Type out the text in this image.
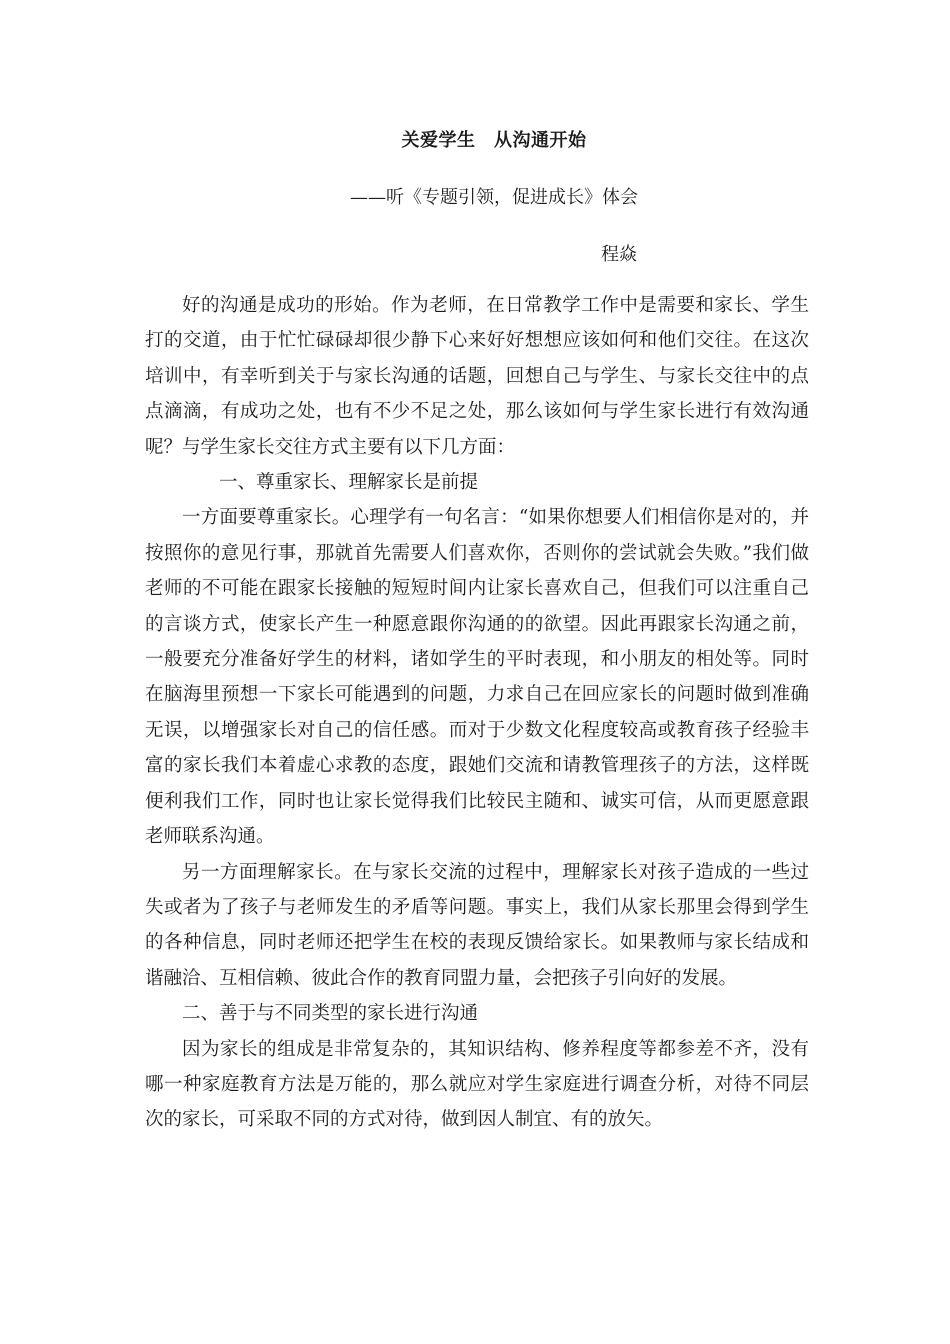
关爱学生　从沟通开始
——听《专题引领，促进成长》体会
程焱

好的沟通是成功的形始。作为老师，在日常教学工作中是需要和家长、学生打的交道，由于忙忙碌碌却很少静下心来好好想想应该如何和他们交往。在这次培训中，有幸听到关于与家长沟通的话题，回想自己与学生、与家长交往中的点点滴滴，有成功之处，也有不少不足之处，那么该如何与学生家长进行有效沟通呢？与学生家长交往方式主要有以下几方面：

一、尊重家长、理解家长是前提

一方面要尊重家长。心理学有一句名言：“如果你想要人们相信你是对的，并按照你的意见行事，那就首先需要人们喜欢你，否则你的尝试就会失败。”我们做老师的不可能在跟家长接触的短短时间内让家长喜欢自己，但我们可以注重自己的言谈方式，使家长产生一种愿意跟你沟通的的欲望。因此再跟家长沟通之前，一般要充分准备好学生的材料，诸如学生的平时表现，和小朋友的相处等。同时在脑海里预想一下家长可能遇到的问题，力求自己在回应家长的问题时做到准确无误，以增强家长对自己的信任感。而对于少数文化程度较高或教育孩子经验丰富的家长我们本着虚心求教的态度，跟她们交流和请教管理孩子的方法，这样既便利我们工作，同时也让家长觉得我们比较民主随和、诚实可信，从而更愿意跟老师联系沟通。

另一方面理解家长。在与家长交流的过程中，理解家长对孩子造成的一些过失或者为了孩子与老师发生的矛盾等问题。事实上，我们从家长那里会得到学生的各种信息，同时老师还把学生在校的表现反馈给家长。如果教师与家长结成和谐融洽、互相信赖、彼此合作的教育同盟力量，会把孩子引向好的发展。

二、善于与不同类型的家长进行沟通

因为家长的组成是非常复杂的，其知识结构、修养程度等都参差不齐，没有哪一种家庭教育方法是万能的，那么就应对学生家庭进行调查分析，对待不同层次的家长，可采取不同的方式对待，做到因人制宜、有的放矢。
